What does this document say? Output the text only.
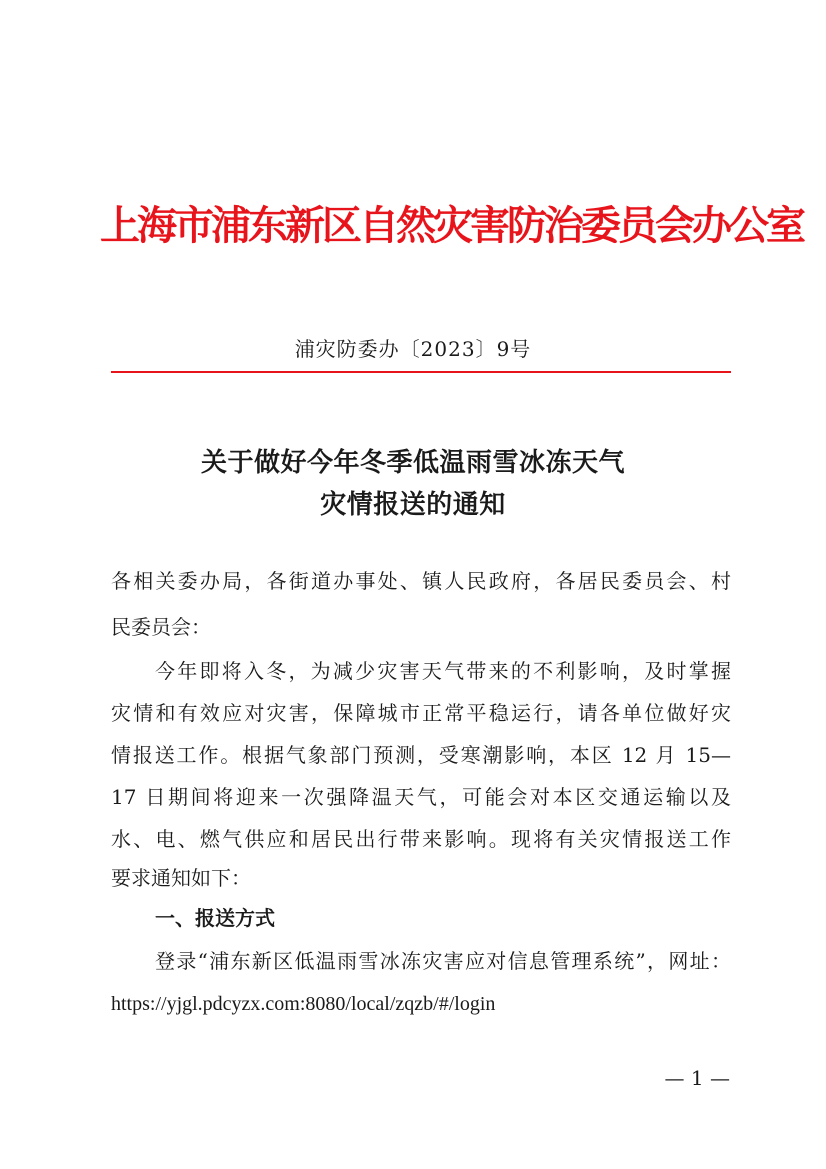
上海市浦东新区自然灾害防治委员会办公室
浦灾防委办〔2023〕9号
关于做好今年冬季低温雨雪冰冻天气
灾情报送的通知
各相关委办局，各街道办事处、镇人民政府，各居民委员会、村
民委员会：
今年即将入冬，为减少灾害天气带来的不利影响，及时掌握
灾情和有效应对灾害，保障城市正常平稳运行，请各单位做好灾
情报送工作。根据气象部门预测，受寒潮影响，本区 12 月 15—
17 日期间将迎来一次强降温天气，可能会对本区交通运输以及
水、电、燃气供应和居民出行带来影响。现将有关灾情报送工作
要求通知如下：
一、报送方式
登录“浦东新区低温雨雪冰冻灾害应对信息管理系统”，网址：
https://yjgl.pdcyzx.com:8080/local/zqzb/#/login
— 1 —
